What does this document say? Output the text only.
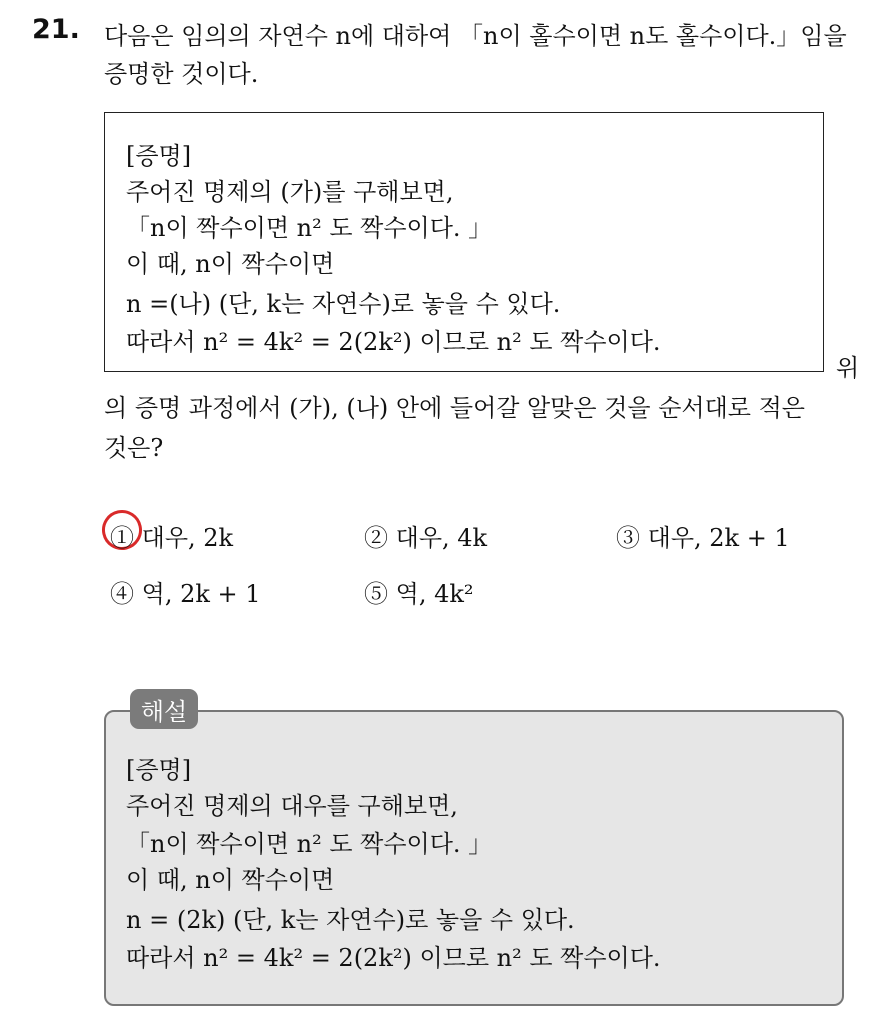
21. 다음은 임의의 자연수 n에 대하여 「n이 홀수이면 n도 홀수이다.」임을
증명한 것이다.
[증명]
주어진 명제의 (가)를 구해보면,
「n이 짝수이면 n² 도 짝수이다. 」
이 때, n이 짝수이면
n =(나) (단, k는 자연수)로 놓을 수 있다.
따라서 n² = 4k² = 2(2k²) 이므로 n² 도 짝수이다.
위
의 증명 과정에서 (가), (나) 안에 들어갈 알맞은 것을 순서대로 적은
것은?
① 대우, 2k	② 대우, 4k	③ 대우, 2k + 1
④ 역, 2k + 1	⑤ 역, 4k²
해설
[증명]
주어진 명제의 대우를 구해보면,
「n이 짝수이면 n² 도 짝수이다. 」
이 때, n이 짝수이면
n = (2k) (단, k는 자연수)로 놓을 수 있다.
따라서 n² = 4k² = 2(2k²) 이므로 n² 도 짝수이다.
